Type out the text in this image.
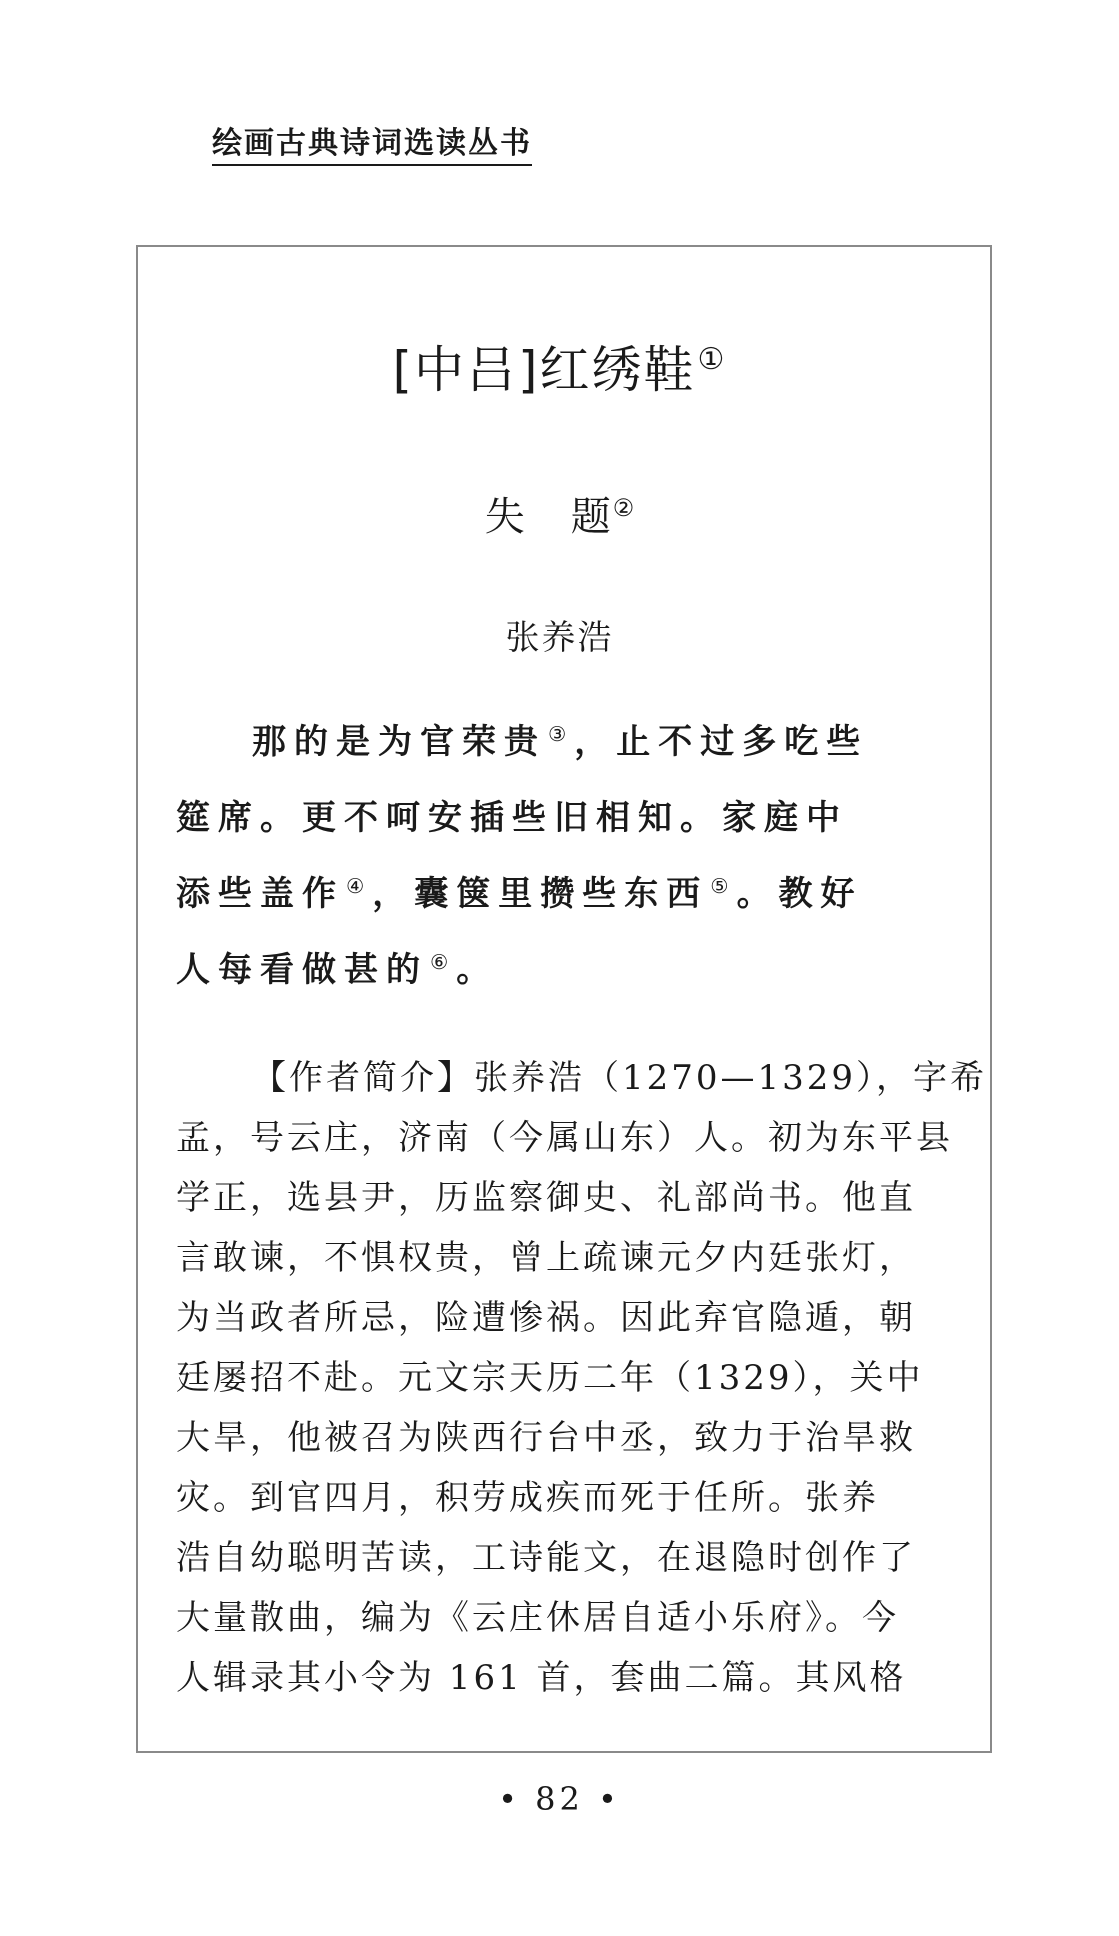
绘画古典诗词选读丛书
[中吕]红绣鞋①
失 题②
张养浩
那的是为官荣贵③，止不过多吃些
筵席。更不呵安插些旧相知。家庭中
添些盖作④，囊箧里攒些东西⑤。教好
人每看做甚的⑥。
【作者简介】张养浩（1270—1329），字希
孟，号云庄，济南（今属山东）人。初为东平县
学正，选县尹，历监察御史、礼部尚书。他直
言敢谏，不惧权贵，曾上疏谏元夕内廷张灯，
为当政者所忌，险遭惨祸。因此弃官隐遁，朝
廷屡招不赴。元文宗天历二年（1329），关中
大旱，他被召为陕西行台中丞，致力于治旱救
灾。到官四月，积劳成疾而死于任所。张养
浩自幼聪明苦读，工诗能文，在退隐时创作了
大量散曲，编为《云庄休居自适小乐府》。今
人辑录其小令为 161 首，套曲二篇。其风格
• 82 •
